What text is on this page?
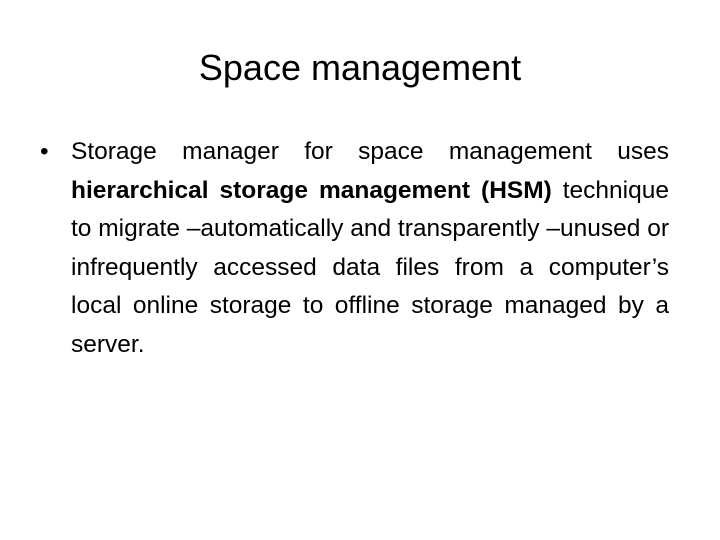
Space management
• Storage manager for space management uses hierarchical storage management (HSM) technique to migrate –automatically and transparently –unused or infrequently accessed data files from a computer’s local online storage to offline storage managed by a server.
